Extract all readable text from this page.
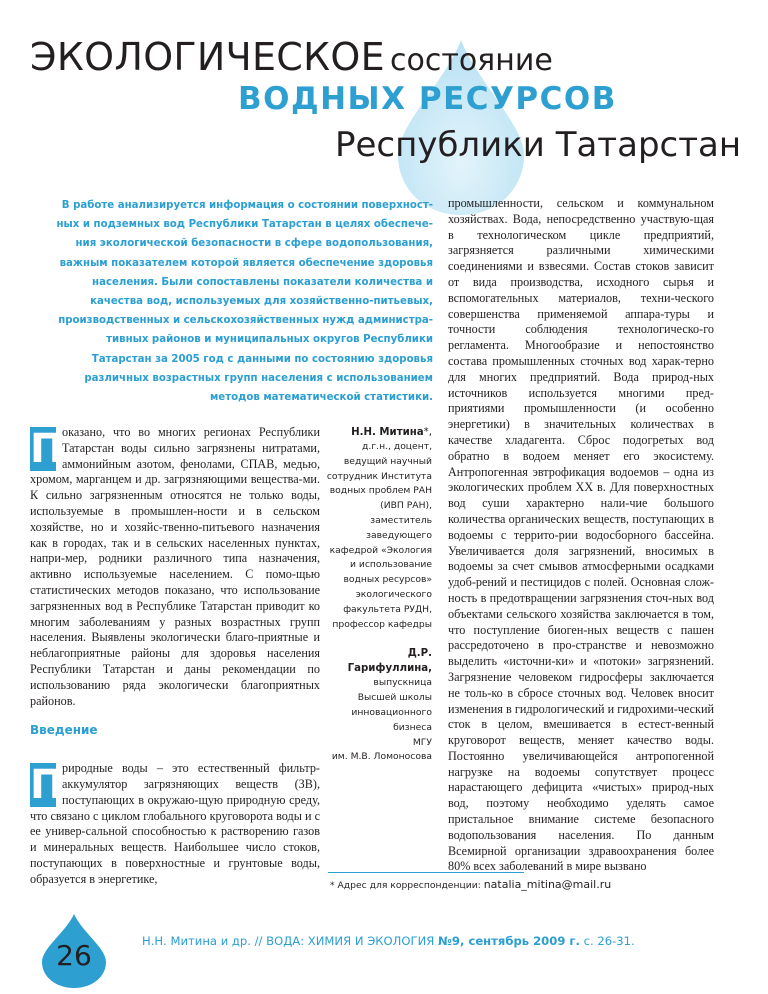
ЭКОЛОГИЧЕСКОЕ состояние
ВОДНЫХ РЕСУРСОВ
Республики Татарстан
В работе анализируется информация о состоянии поверхност-ных и подземных вод Республики Татарстан в целях обеспече-ния экологической безопасности в сфере водопользования, важным показателем которой является обеспечение здоровья населения. Были сопоставлены показатели количества и качества вод, используемых для хозяйственно-питьевых, производственных и сельскохозяйственных нужд администра-тивных районов и муниципальных округов Республики Татарстан за 2005 год с данными по состоянию здоровья различных возрастных групп населения с использованием методов математической статистики.

П
оказано, что во многих регионах Республики Татарстан воды сильно загрязнены нитратами, аммонийным азотом, фенолами, СПАВ, медью, хромом, марганцем и др. загрязняющими вещества-ми. К сильно загрязненным относятся не только воды, используемые в промышлен-ности и в сельском хозяйстве, но и хозяйс-твенно-питьевого назначения как в городах, так и в сельских населенных пунктах, напри-мер, родники различного типа назначения, активно используемые населением. С помо-щью статистических методов показано, что использование загрязненных вод в Республике Татарстан приводит ко многим заболеваниям у разных возрастных групп населения. Выявлены экологически благо-приятные и неблагоприятные районы для здоровья населения Республики Татарстан и даны рекомендации по использованию ряда экологически благоприятных районов.

Введение

П
риродные воды – это естественный фильтр-аккумулятор загрязняющих веществ (ЗВ), поступающих в окружаю-щую природную среду, что связано с циклом глобального круговорота воды и с ее универ-сальной способностью к растворению газов и минеральных веществ. Наибольшее число стоков, поступающих в поверхностные и грунтовые воды, образуется в энергетике,

Н.Н. Митина*,
д.г.н., доцент,
ведущий научный
сотрудник Института
водных проблем РАН
(ИВП РАН),
заместитель
заведующего
кафедрой «Экология
и использование
водных ресурсов»
экологического
факультета РУДН,
профессор кафедры
Д.Р. Гарифуллина,
выпускница
Высшей школы
инновационного
бизнеса
МГУ
им. М.В. Ломоносова

промышленности, сельском и коммунальном хозяйствах. Вода, непосредственно участвую-щая в технологическом цикле предприятий, загрязняется различными химическими соединениями и взвесями. Состав стоков зависит от вида производства, исходного сырья и вспомогательных материалов, техни-ческого совершенства применяемой аппара-туры и точности соблюдения технологическо-го регламента. Многообразие и непостоянство состава промышленных сточных вод харак-терно для многих предприятий. Вода природ-ных источников используется многими пред-приятиями промышленности (и особенно энергетики) в значительных количествах в качестве хладагента. Сброс подогретых вод обратно в водоем меняет его экосистему. Антропогенная эвтрофикация водоемов – одна из экологических проблем XX в. Для поверхностных вод суши характерно нали-чие большого количества органических веществ, поступающих в водоемы с террито-рии водосборного бассейна. Увеличивается доля загрязнений, вносимых в водоемы за счет смывов атмосферными осадками удоб-рений и пестицидов с полей. Основная слож-ность в предотвращении загрязнения сточ-ных вод объектами сельского хозяйства заключается в том, что поступление биоген-ных веществ с пашен рассредоточено в про-странстве и невозможно выделить «источни-ки» и «потоки» загрязнений. Загрязнение человеком гидросферы заключается не толь-ко в сбросе сточных вод. Человек вносит изменения в гидрологический и гидрохими-ческий сток в целом, вмешивается в естест-венный круговорот веществ, меняет качество воды. Постоянно увеличивающейся антропогенной нагрузке на водоемы сопутствует процесс нарастающего дефицита «чистых» природ-ных вод, поэтому необходимо уделять самое пристальное внимание системе безопасного водопользования населения. По данным Всемирной организации здравоохранения более 80% всех заболеваний в мире вызвано

* Адрес для корреспонденции: natalia_mitina@mail.ru
26	Н.Н. Митина и др. // ВОДА: ХИМИЯ И ЭКОЛОГИЯ №9, сентябрь 2009 г. с. 26-31.
